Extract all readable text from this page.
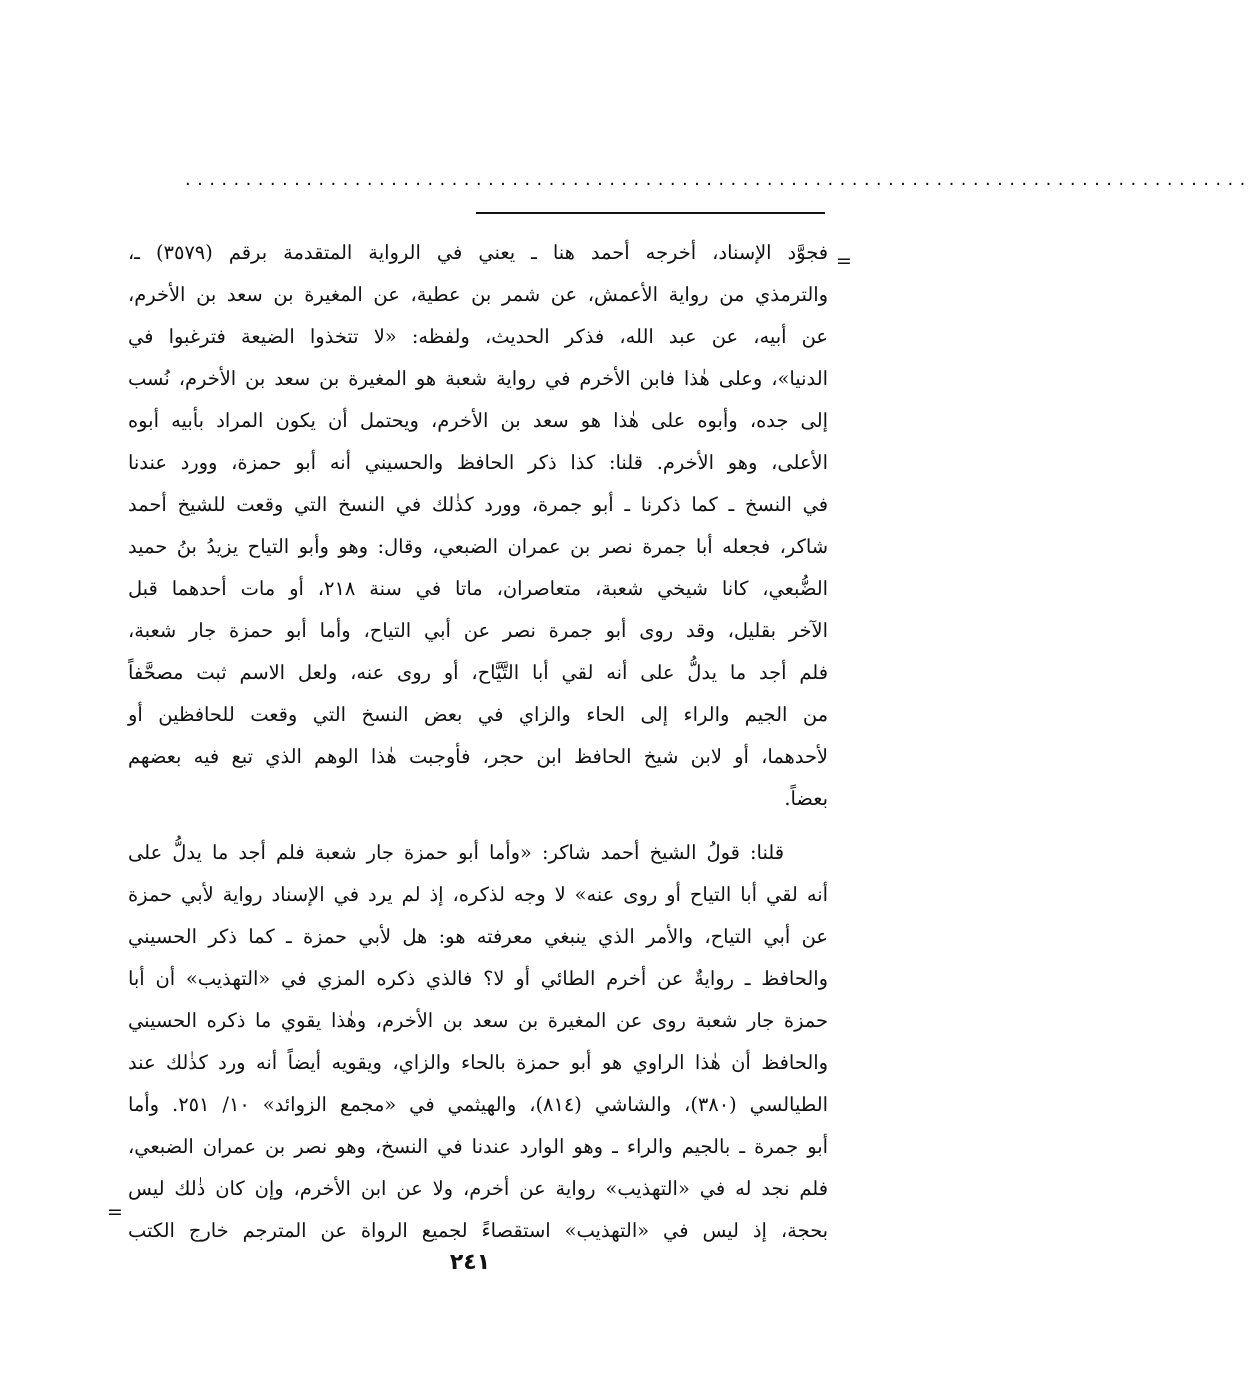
........................................................................................
=
فجوَّد الإسناد، أخرجه أحمد هنا ـ يعني في الرواية المتقدمة برقم (٣٥٧٩) ـ،
والترمذي من رواية الأعمش، عن شمر بن عطية، عن المغيرة بن سعد بن الأخرم،
عن أبيه، عن عبد الله، فذكر الحديث، ولفظه: «لا تتخذوا الضيعة فترغبوا في
الدنيا»، وعلى هٰذا فابن الأخرم في رواية شعبة هو المغيرة بن سعد بن الأخرم، نُسب
إلى جده، وأبوه على هٰذا هو سعد بن الأخرم، ويحتمل أن يكون المراد بأبيه أبوه
الأعلى، وهو الأخرم. قلنا: كذا ذكر الحافظ والحسيني أنه أبو حمزة، وورد عندنا
في النسخ ـ كما ذكرنا ـ أبو جمرة، وورد كذٰلك في النسخ التي وقعت للشيخ أحمد
شاكر، فجعله أبا جمرة نصر بن عمران الضبعي، وقال: وهو وأبو التياح يزيدُ بنُ حميد
الضُّبعي، كانا شيخي شعبة، متعاصران، ماتا في سنة ٢١٨، أو مات أحدهما قبل
الآخر بقليل، وقد روى أبو جمرة نصر عن أبي التياح، وأما أبو حمزة جار شعبة،
فلم أجد ما يدلُّ على أنه لقي أبا التَّيَّاح، أو روى عنه، ولعل الاسم ثبت مصحَّفاً
من الجيم والراء إلى الحاء والزاي في بعض النسخ التي وقعت للحافظين أو
لأحدهما، أو لابن شيخ الحافظ ابن حجر، فأوجبت هٰذا الوهم الذي تبع فيه بعضهم
بعضاً.
قلنا: قولُ الشيخ أحمد شاكر: «وأما أبو حمزة جار شعبة فلم أجد ما يدلُّ على
أنه لقي أبا التياح أو روى عنه» لا وجه لذكره، إذ لم يرد في الإسناد رواية لأبي حمزة
عن أبي التياح، والأمر الذي ينبغي معرفته هو: هل لأبي حمزة ـ كما ذكر الحسيني
والحافظ ـ روايةٌ عن أخرم الطائي أو لا؟ فالذي ذكره المزي في «التهذيب» أن أبا
حمزة جار شعبة روى عن المغيرة بن سعد بن الأخرم، وهٰذا يقوي ما ذكره الحسيني
والحافظ أن هٰذا الراوي هو أبو حمزة بالحاء والزاي، ويقويه أيضاً أنه ورد كذٰلك عند
الطيالسي (٣٨٠)، والشاشي (٨١٤)، والهيثمي في «مجمع الزوائد» ١٠/ ٢٥١. وأما
أبو جمرة ـ بالجيم والراء ـ وهو الوارد عندنا في النسخ، وهو نصر بن عمران الضبعي،
فلم نجد له في «التهذيب» رواية عن أخرم، ولا عن ابن الأخرم، وإن كان ذٰلك ليس
بحجة، إذ ليس في «التهذيب» استقصاءً لجميع الرواة عن المترجم خارج الكتب
=
٢٤١
